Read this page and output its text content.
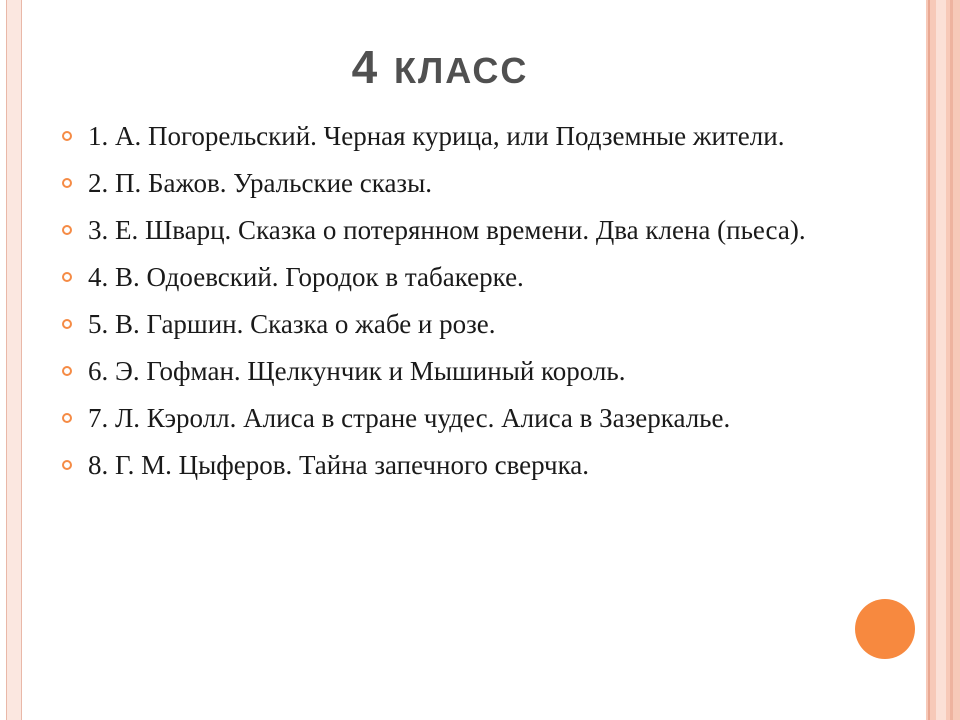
4 КЛАСС
1. А. Погорельский. Черная курица, или Подземные жители.
2. П. Бажов. Уральские сказы.
3. Е. Шварц. Сказка о потерянном времени. Два клена (пьеса).
4. В. Одоевский. Городок в табакерке.
5. В. Гаршин. Сказка о жабе и розе.
6. Э. Гофман. Щелкунчик и Мышиный король.
7. Л. Кэролл. Алиса в стране чудес. Алиса в Зазеркалье.
8. Г. М. Цыферов. Тайна запечного сверчка.
